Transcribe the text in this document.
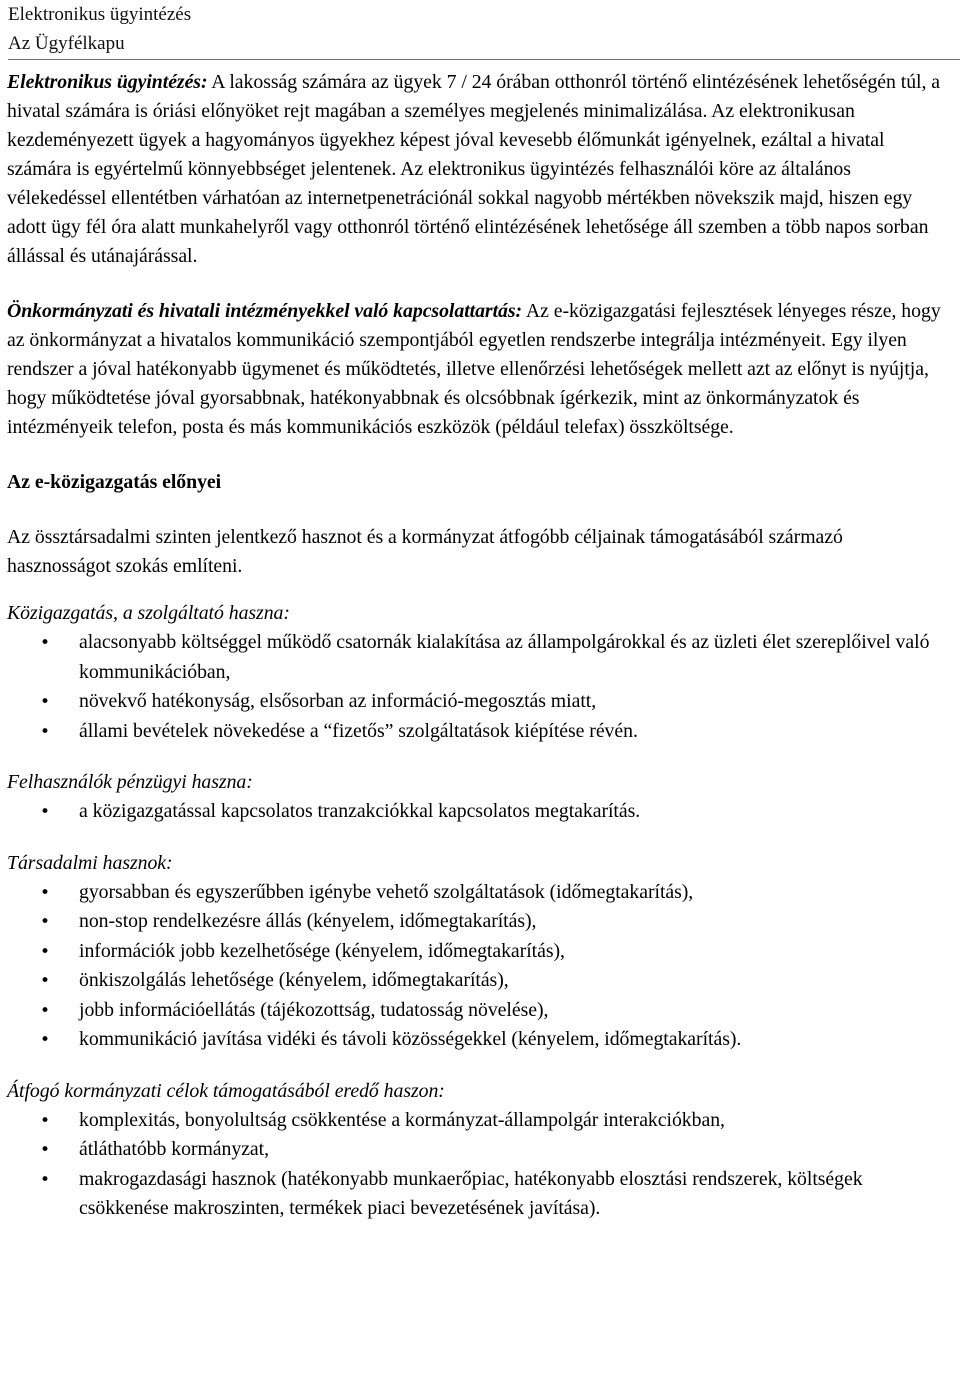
Elektronikus ügyintézés
Az Ügyfélkapu

Elektronikus ügyintézés: A lakosság számára az ügyek 7 / 24 órában otthonról történő elintézésének lehetőségén túl, a hivatal számára is óriási előnyöket rejt magában a személyes megjelenés minimalizálása. Az elektronikusan kezdeményezett ügyek a hagyományos ügyekhez képest jóval kevesebb élőmunkát igényelnek, ezáltal a hivatal számára is egyértelmű könnyebbséget jelentenek. Az elektronikus ügyintézés felhasználói köre az általános vélekedéssel ellentétben várhatóan az internetpenetrációnál sokkal nagyobb mértékben növekszik majd, hiszen egy adott ügy fél óra alatt munkahelyről vagy otthonról történő elintézésének lehetősége áll szemben a több napos sorban állással és utánajárással.

Önkormányzati és hivatali intézményekkel való kapcsolattartás: Az e-közigazgatási fejlesztések lényeges része, hogy az önkormányzat a hivatalos kommunikáció szempontjából egyetlen rendszerbe integrálja intézményeit. Egy ilyen rendszer a jóval hatékonyabb ügymenet és működtetés, illetve ellenőrzési lehetőségek mellett azt az előnyt is nyújtja, hogy működtetése jóval gyorsabbnak, hatékonyabbnak és olcsóbbnak ígérkezik, mint az önkormányzatok és intézményeik telefon, posta és más kommunikációs eszközök (például telefax) összköltsége.

Az e-közigazgatás előnyei

Az össztársadalmi szinten jelentkező hasznot és a kormányzat átfogóbb céljainak támogatásából származó hasznosságot szokás említeni.

Közigazgatás, a szolgáltató haszna:

•
alacsonyabb költséggel működő csatornák kialakítása az állampolgárokkal és az üzleti élet szereplőivel való kommunikációban,
•
növekvő hatékonyság, elsősorban az információ-megosztás miatt,
•
állami bevételek növekedése a “fizetős” szolgáltatások kiépítése révén.

Felhasználók pénzügyi haszna:

•
a közigazgatással kapcsolatos tranzakciókkal kapcsolatos megtakarítás.

Társadalmi hasznok:

•
gyorsabban és egyszerűbben igénybe vehető szolgáltatások (időmegtakarítás),
•
non-stop rendelkezésre állás (kényelem, időmegtakarítás),
•
információk jobb kezelhetősége (kényelem, időmegtakarítás),
•
önkiszolgálás lehetősége (kényelem, időmegtakarítás),
•
jobb információellátás (tájékozottság, tudatosság növelése),
•
kommunikáció javítása vidéki és távoli közösségekkel (kényelem, időmegtakarítás).

Átfogó kormányzati célok támogatásából eredő haszon:

•
komplexitás, bonyolultság csökkentése a kormányzat-állampolgár interakciókban,
•
átláthatóbb kormányzat,
•
makrogazdasági hasznok (hatékonyabb munkaerőpiac, hatékonyabb elosztási rendszerek, költségek csökkenése makroszinten, termékek piaci bevezetésének javítása).
